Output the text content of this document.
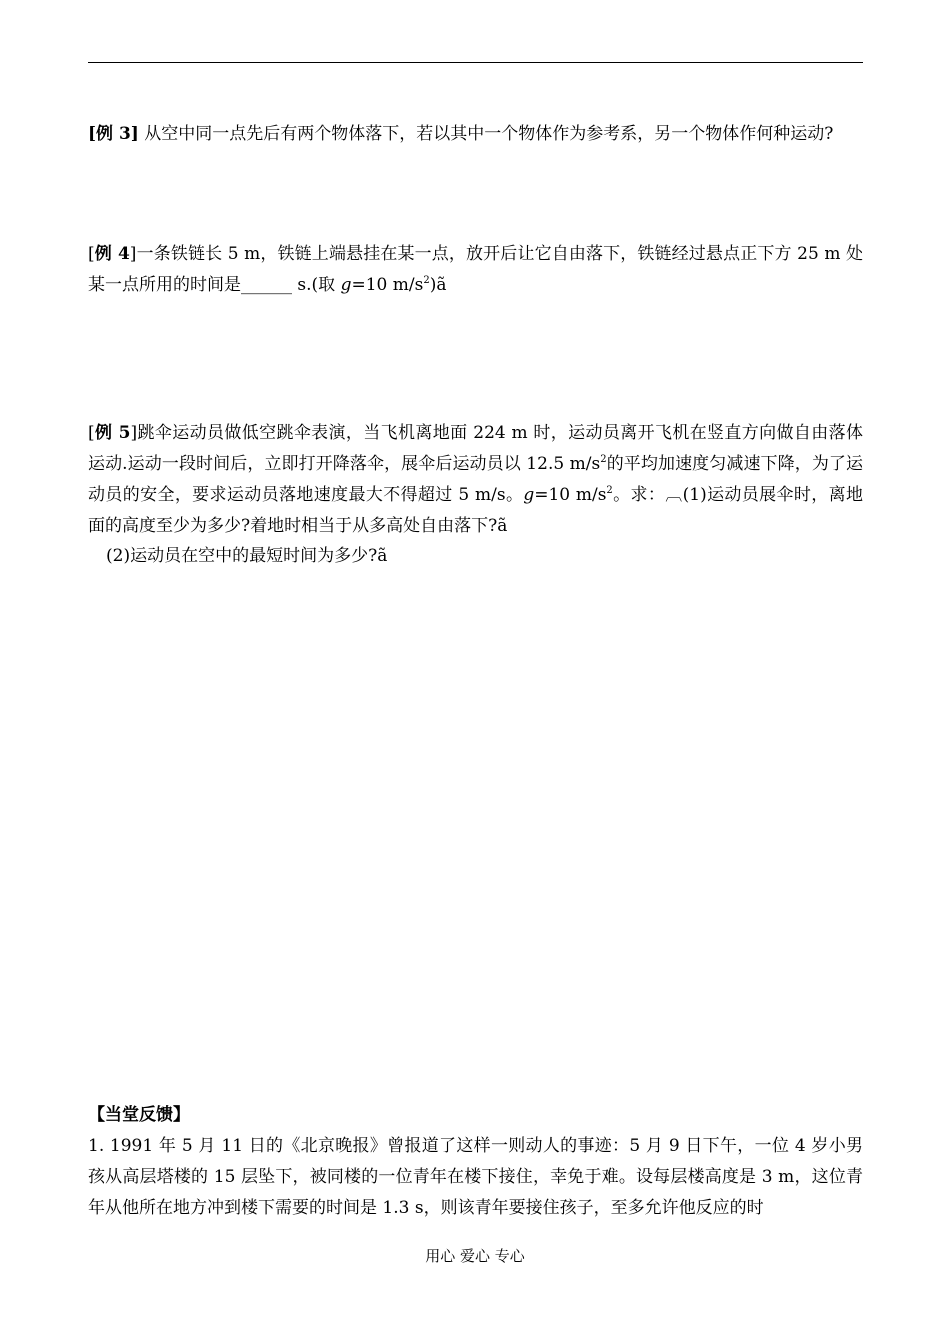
[例 3] 从空中同一点先后有两个物体落下，若以其中一个物体作为参考系，另一个物体作何种运动?

[例 4]一条铁链长 5 m，铁链上端悬挂在某一点，放开后让它自由落下，铁链经过悬点正下方 25 m 处某一点所用的时间是______ s.(取 g=10 $m/s^2)ã$

[例 5]跳伞运动员做低空跳伞表演，当飞机离地面 224 m 时，运动员离开飞机在竖直方向做自由落体运动.运动一段时间后，立即打开降落伞，展伞后运动员以 12.5 $m/s^2$的平均加速度匀减速下降，为了运动员的安全，要求运动员落地速度最大不得超过 5 m/s。g=10 $m/s^2$。求：︹(1)运动员展伞时，离地面的高度至少为多少?着地时相当于从多高处自由落下?ã

(2)运动员在空中的最短时间为多少?ã

【当堂反馈】

1. 1991 年 5 月 11 日的《北京晚报》曾报道了这样一则动人的事迹：5 月 9 日下午，一位 4 岁小男孩从高层塔楼的 15 层坠下，被同楼的一位青年在楼下接住，幸免于难。设每层楼高度是 3 m，这位青年从他所在地方冲到楼下需要的时间是 1.3 s，则该青年要接住孩子，至多允许他反应的时

用心 爱心 专心
